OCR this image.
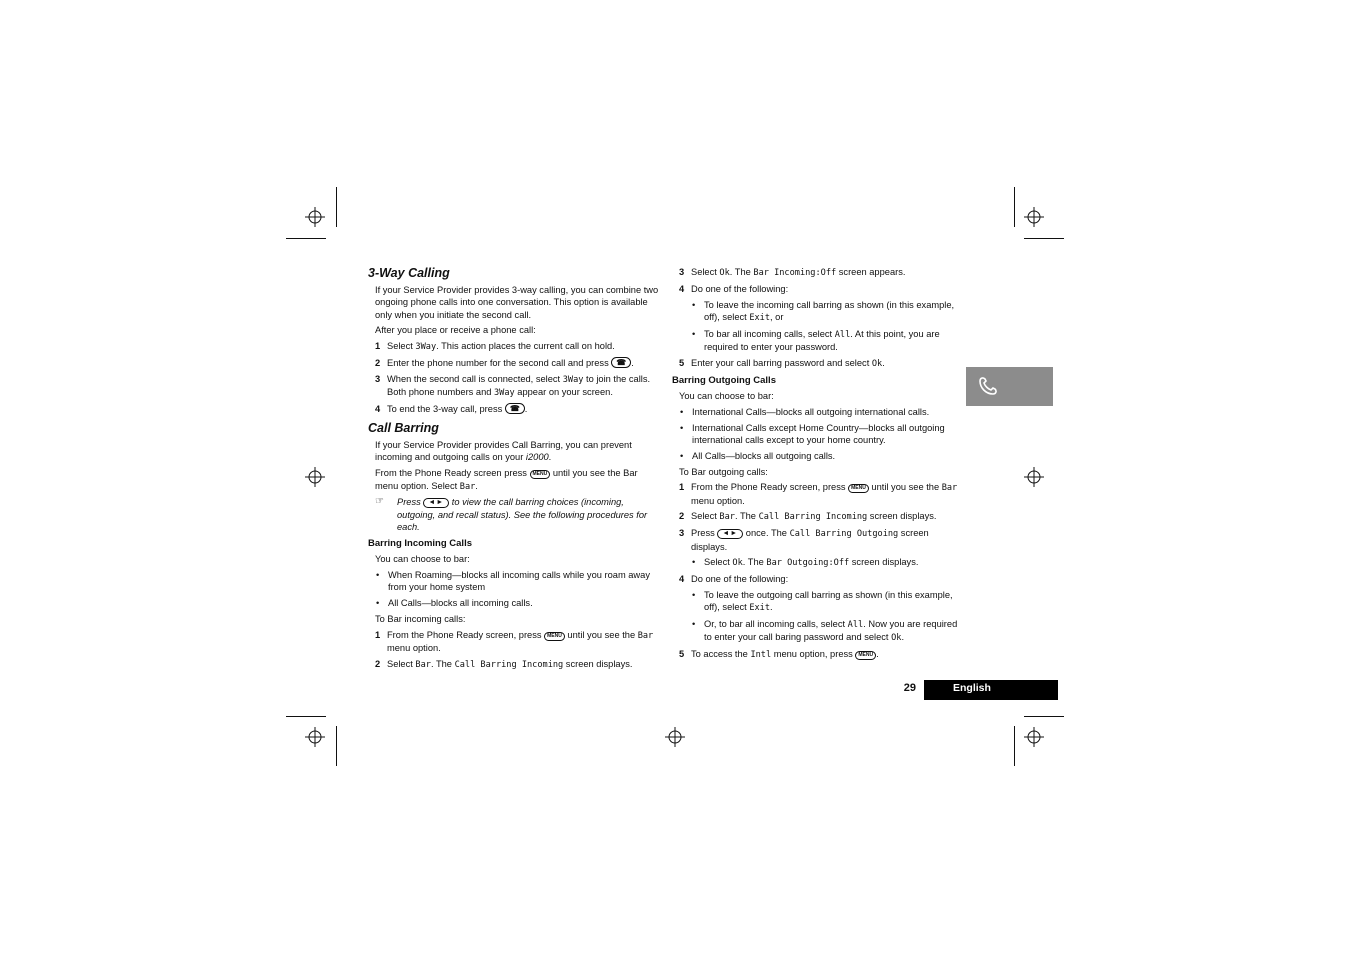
3-Way Calling

If your Service Provider provides 3-way calling, you can combine two ongoing phone calls into one conversation. This option is available only when you initiate the second call.

After you place or receive a phone call:

1 Select 3Way. This action places the current call on hold.
2 Enter the phone number for the second call and press ☎ .
3 When the second call is connected, select 3Way to join the calls. Both phone numbers and 3Way appear on your screen.
4 To end the 3-way call, press ☎ .
Call Barring

If your Service Provider provides Call Barring, you can prevent incoming and outgoing calls on your i2000.

From the Phone Ready screen press MENU until you see the Bar menu option. Select Bar.

☞ Press ◄► to view the call barring choices (incoming, outgoing, and recall status). See the following procedures for each.
Barring Incoming Calls

You can choose to bar:

• When Roaming—blocks all incoming calls while you roam away from your home system
• All Calls—blocks all incoming calls.

To Bar incoming calls:

1 From the Phone Ready screen, press MENU until you see the Bar menu option.
2 Select Bar. The Call Barring Incoming screen displays.
3 Select Ok. The Bar Incoming:Off screen appears.
4 Do one of the following:
• To leave the incoming call barring as shown (in this example, off), select Exit, or
• To bar all incoming calls, select All. At this point, you are required to enter your password.
5 Enter your call barring password and select Ok.
Barring Outgoing Calls

You can choose to bar:

• International Calls—blocks all outgoing international calls.
• International Calls except Home Country—blocks all outgoing international calls except to your home country.
• All Calls—blocks all outgoing calls.

To Bar outgoing calls:

1 From the Phone Ready screen, press MENU until you see the Bar menu option.
2 Select Bar. The Call Barring Incoming screen displays.
3 Press ◄► once. The Call Barring Outgoing screen displays.
• Select Ok. The Bar Outgoing:Off screen displays.
4 Do one of the following:
• To leave the outgoing call barring as shown (in this example, off), select Exit.
• Or, to bar all incoming calls, select All. Now you are required to enter your call baring password and select Ok.
5 To access the Intl menu option, press MENU .
29	English
